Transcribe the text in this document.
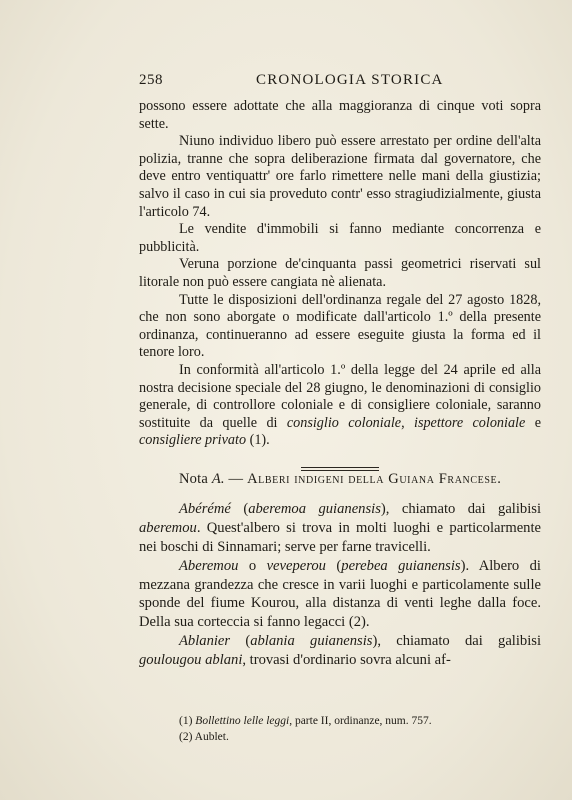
258	CRONOLOGIA STORICA

possono essere adottate che alla maggioranza di cinque voti sopra sette.

Niuno individuo libero può essere arrestato per ordine dell'alta polizia, tranne che sopra deliberazione firmata dal governatore, che deve entro ventiquattr' ore farlo rimettere nelle mani della giustizia; salvo il caso in cui sia proveduto contr' esso stragiudizialmente, giusta l'articolo 74.

Le vendite d'immobili si fanno mediante concorrenza e pubblicità.

Veruna porzione de'cinquanta passi geometrici riservati sul litorale non può essere cangiata nè alienata.

Tutte le disposizioni dell'ordinanza regale del 27 agosto 1828, che non sono aborgate o modificate dall'articolo 1.º della presente ordinanza, continueranno ad essere eseguite giusta la forma ed il tenore loro.

In conformità all'articolo 1.º della legge del 24 aprile ed alla nostra decisione speciale del 28 giugno, le denominazioni di consiglio generale, di controllore coloniale e di consigliere coloniale, saranno sostituite da quelle di consiglio coloniale, ispettore coloniale e consigliere privato (1).

Nota A. — Alberi indigeni della Guiana Francese.

Abérémé (aberemoa guianensis), chiamato dai galibisi aberemou. Quest'albero si trova in molti luoghi e particolarmente nei boschi di Sinnamari; serve per farne travicelli.

Aberemou o veveperou (perebea guianensis). Albero di mezzana grandezza che cresce in varii luoghi e particolamente sulle sponde del fiume Kourou, alla distanza di venti leghe dalla foce. Della sua corteccia si fanno legacci (2).

Ablanier (ablania guianensis), chiamato dai galibisi goulougou ablani, trovasi d'ordinario sovra alcuni af-

(1) Bollettino lelle leggi, parte II, ordinanze, num. 757.

(2) Aublet.
